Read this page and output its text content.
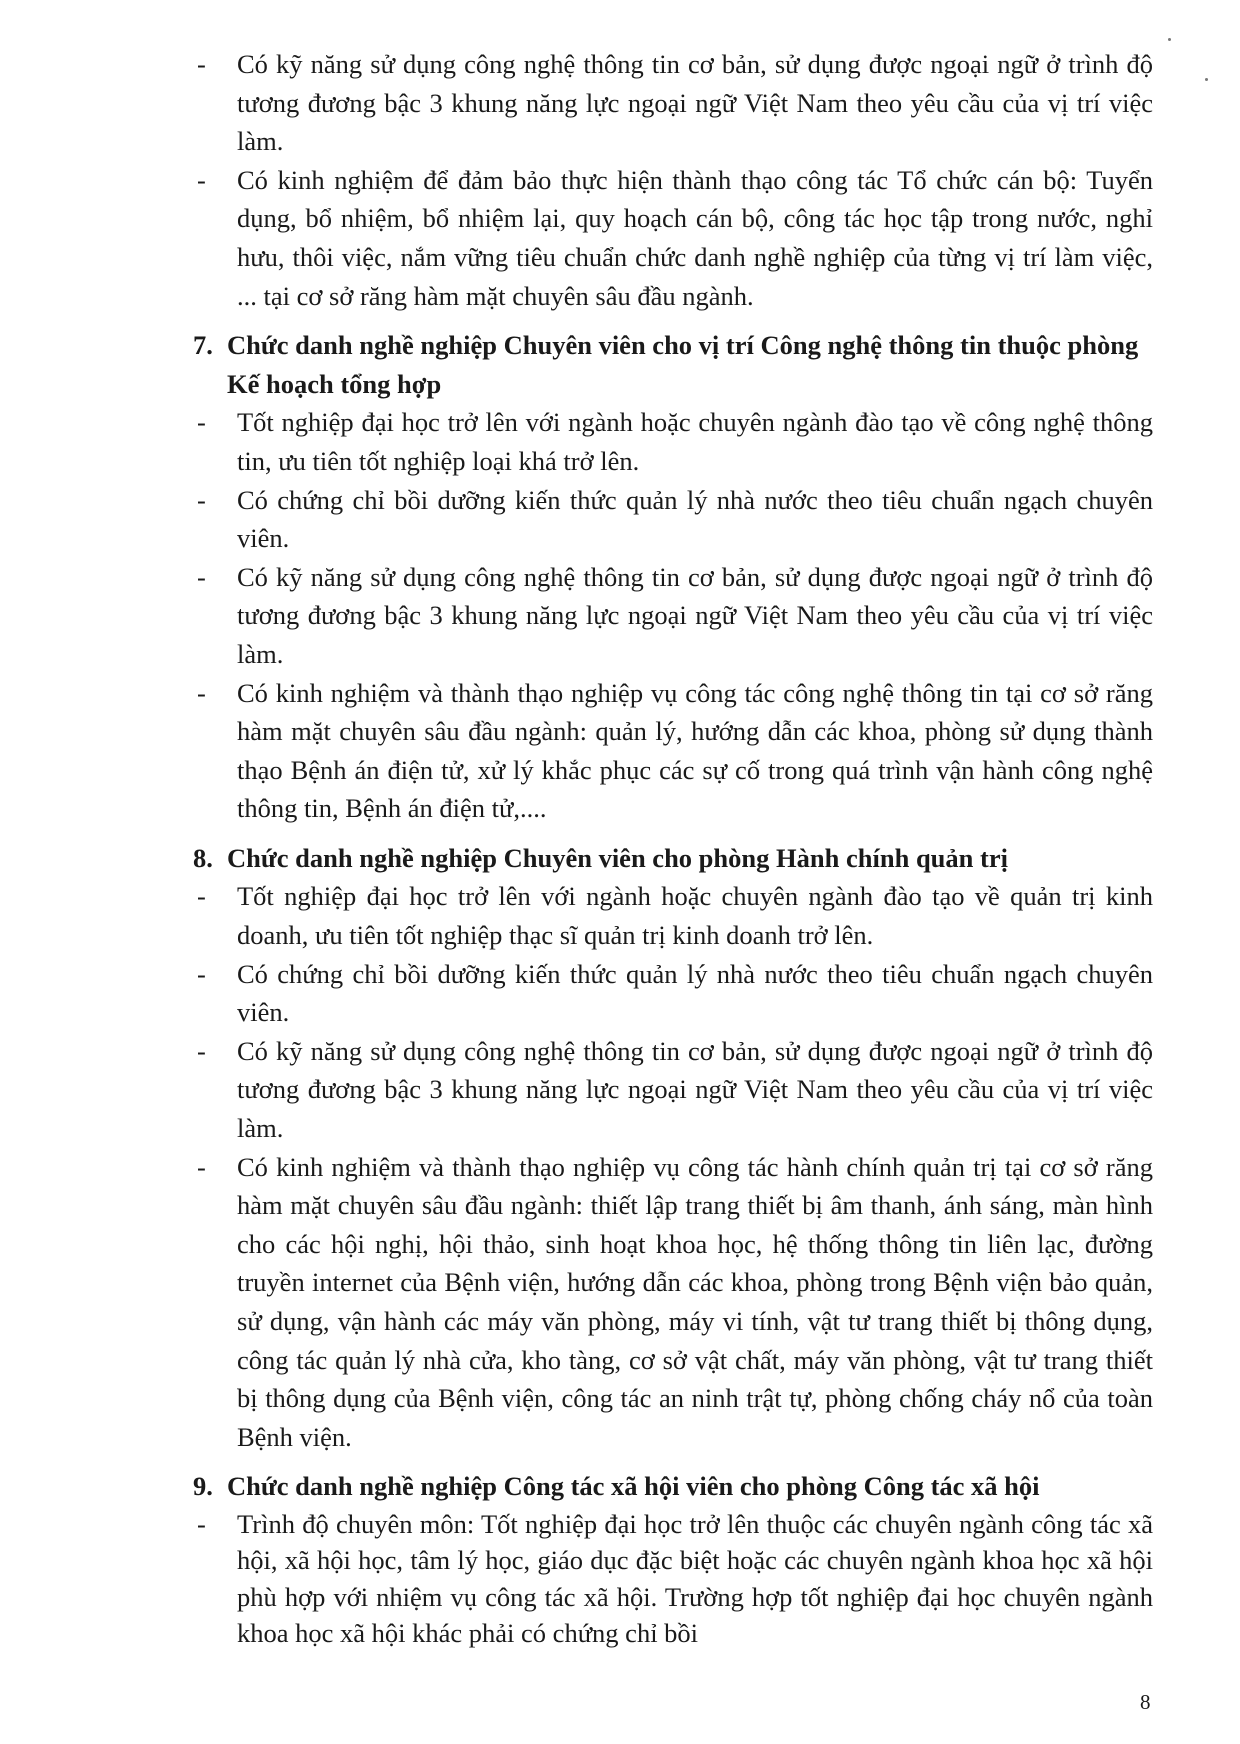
- Có kỹ năng sử dụng công nghệ thông tin cơ bản, sử dụng được ngoại ngữ ở trình độ tương đương bậc 3 khung năng lực ngoại ngữ Việt Nam theo yêu cầu của vị trí việc làm.
- Có kinh nghiệm để đảm bảo thực hiện thành thạo công tác Tổ chức cán bộ: Tuyển dụng, bổ nhiệm, bổ nhiệm lại, quy hoạch cán bộ, công tác học tập trong nước, nghỉ hưu, thôi việc, nắm vững tiêu chuẩn chức danh nghề nghiệp của từng vị trí làm việc, ... tại cơ sở răng hàm mặt chuyên sâu đầu ngành.
7. Chức danh nghề nghiệp Chuyên viên cho vị trí Công nghệ thông tin thuộc phòng Kế hoạch tổng hợp
- Tốt nghiệp đại học trở lên với ngành hoặc chuyên ngành đào tạo về công nghệ thông tin, ưu tiên tốt nghiệp loại khá trở lên.
- Có chứng chỉ bồi dưỡng kiến thức quản lý nhà nước theo tiêu chuẩn ngạch chuyên viên.
- Có kỹ năng sử dụng công nghệ thông tin cơ bản, sử dụng được ngoại ngữ ở trình độ tương đương bậc 3 khung năng lực ngoại ngữ Việt Nam theo yêu cầu của vị trí việc làm.
- Có kinh nghiệm và thành thạo nghiệp vụ công tác công nghệ thông tin tại cơ sở răng hàm mặt chuyên sâu đầu ngành: quản lý, hướng dẫn các khoa, phòng sử dụng thành thạo Bệnh án điện tử, xử lý khắc phục các sự cố trong quá trình vận hành công nghệ thông tin, Bệnh án điện tử,....
8. Chức danh nghề nghiệp Chuyên viên cho phòng Hành chính quản trị
- Tốt nghiệp đại học trở lên với ngành hoặc chuyên ngành đào tạo về quản trị kinh doanh, ưu tiên tốt nghiệp thạc sĩ quản trị kinh doanh trở lên.
- Có chứng chỉ bồi dưỡng kiến thức quản lý nhà nước theo tiêu chuẩn ngạch chuyên viên.
- Có kỹ năng sử dụng công nghệ thông tin cơ bản, sử dụng được ngoại ngữ ở trình độ tương đương bậc 3 khung năng lực ngoại ngữ Việt Nam theo yêu cầu của vị trí việc làm.
- Có kinh nghiệm và thành thạo nghiệp vụ công tác hành chính quản trị tại cơ sở răng hàm mặt chuyên sâu đầu ngành: thiết lập trang thiết bị âm thanh, ánh sáng, màn hình cho các hội nghị, hội thảo, sinh hoạt khoa học, hệ thống thông tin liên lạc, đường truyền internet của Bệnh viện, hướng dẫn các khoa, phòng trong Bệnh viện bảo quản, sử dụng, vận hành các máy văn phòng, máy vi tính, vật tư trang thiết bị thông dụng, công tác quản lý nhà cửa, kho tàng, cơ sở vật chất, máy văn phòng, vật tư trang thiết bị thông dụng của Bệnh viện, công tác an ninh trật tự, phòng chống cháy nổ của toàn Bệnh viện.
9. Chức danh nghề nghiệp Công tác xã hội viên cho phòng Công tác xã hội
- Trình độ chuyên môn: Tốt nghiệp đại học trở lên thuộc các chuyên ngành công tác xã hội, xã hội học, tâm lý học, giáo dục đặc biệt hoặc các chuyên ngành khoa học xã hội phù hợp với nhiệm vụ công tác xã hội. Trường hợp tốt nghiệp đại học chuyên ngành khoa học xã hội khác phải có chứng chỉ bồi
8
